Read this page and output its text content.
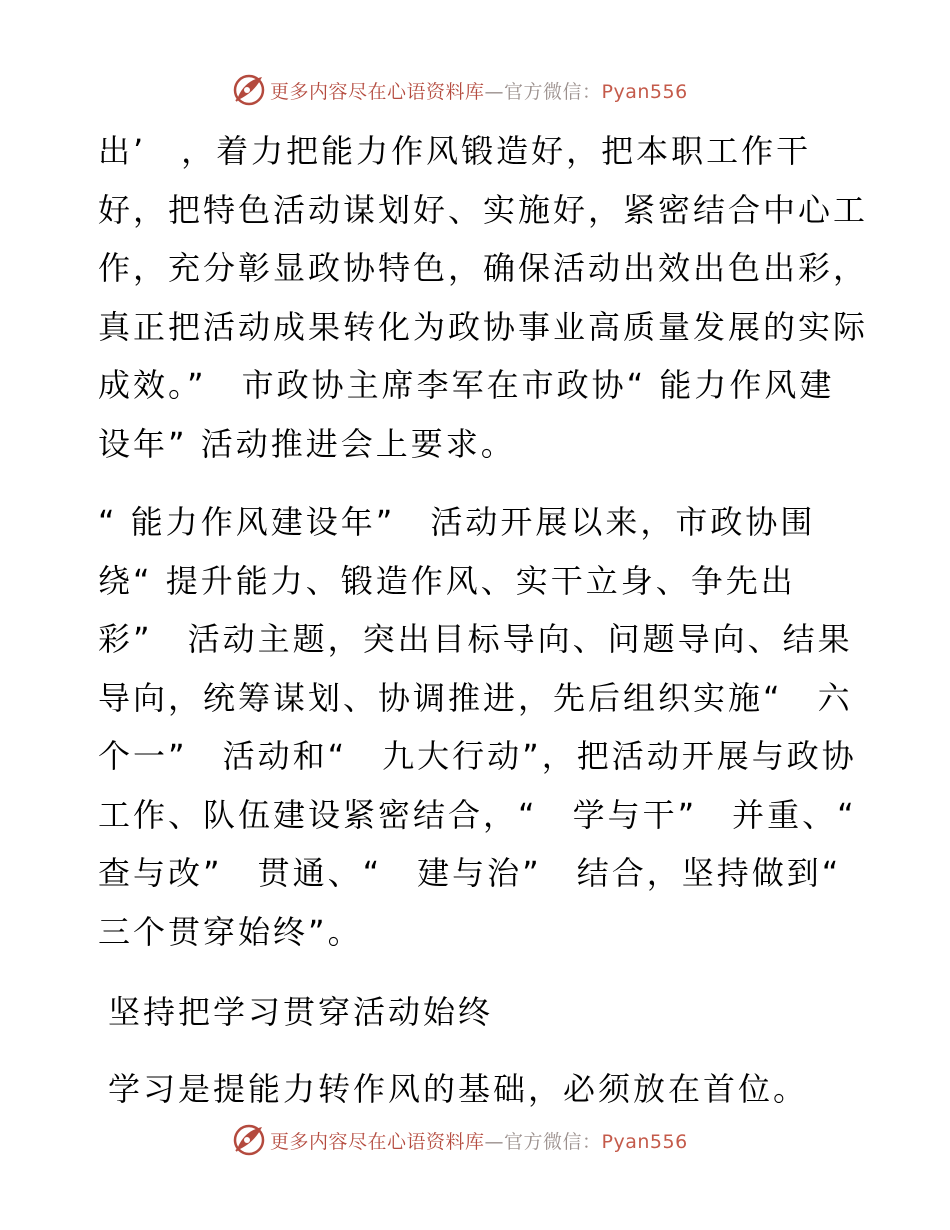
更多内容尽在心语资料库—官方微信：Pyan556

出’　，着力把能力作风锻造好，把本职工作干
好，把特色活动谋划好、实施好，紧密结合中心工
作，充分彰显政协特色，确保活动出效出色出彩，
真正把活动成果转化为政协事业高质量发展的实际
成效。”　市政协主席李军在市政协“ 能力作风建
设年” 活动推进会上要求。

“ 能力作风建设年”　活动开展以来，市政协围
绕“ 提升能力、锻造作风、实干立身、争先出
彩”　活动主题，突出目标导向、问题导向、结果
导向，统筹谋划、协调推进，先后组织实施“　六
个一”　活动和“　九大行动”，把活动开展与政协
工作、队伍建设紧密结合，“　学与干”　并重、“
查与改”　贯通、“　建与治”　结合，坚持做到“
三个贯穿始终”。

坚持把学习贯穿活动始终

学习是提能力转作风的基础，必须放在首位。

更多内容尽在心语资料库—官方微信：Pyan556
